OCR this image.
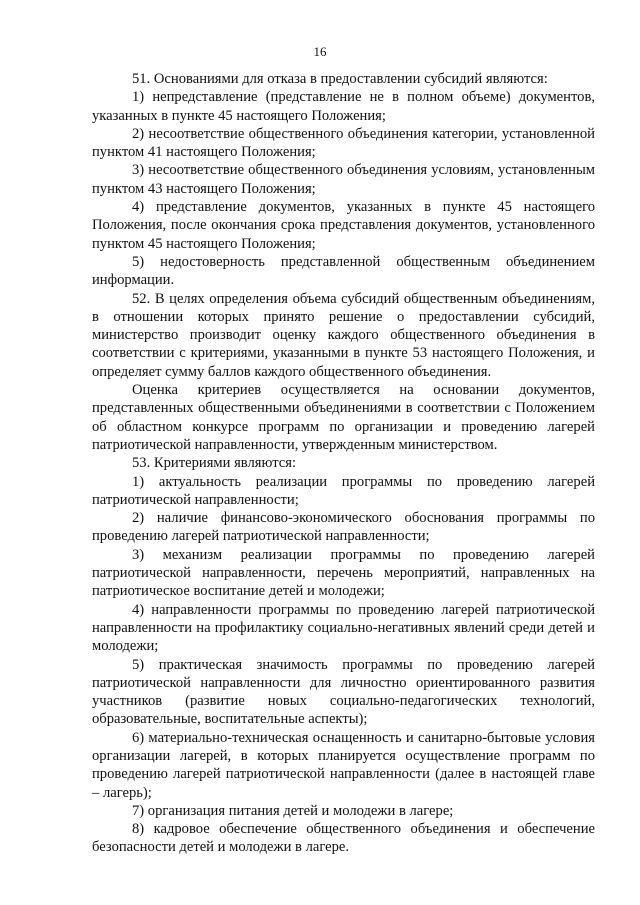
16

51. Основаниями для отказа в предоставлении субсидий являются:

1) непредставление (представление не в полном объеме) документов, указанных в пункте 45 настоящего Положения;

2) несоответствие общественного объединения категории, установленной пунктом 41 настоящего Положения;

3) несоответствие общественного объединения условиям, установленным пунктом 43 настоящего Положения;

4) представление документов, указанных в пункте 45 настоящего Положения, после окончания срока представления документов, установленного пунктом 45 настоящего Положения;

5) недостоверность представленной общественным объединением информации.

52. В целях определения объема субсидий общественным объединениям, в отношении которых принято решение о предоставлении субсидий, министерство производит оценку каждого общественного объединения в соответствии с критериями, указанными в пункте 53 настоящего Положения, и определяет сумму баллов каждого общественного объединения.

Оценка критериев осуществляется на основании документов, представленных общественными объединениями в соответствии с Положением об областном конкурсе программ по организации и проведению лагерей патриотической направленности, утвержденным министерством.

53. Критериями являются:

1) актуальность реализации программы по проведению лагерей патриотической направленности;

2) наличие финансово-экономического обоснования программы по проведению лагерей патриотической направленности;

3) механизм реализации программы по проведению лагерей патриотической направленности, перечень мероприятий, направленных на патриотическое воспитание детей и молодежи;

4) направленности программы по проведению лагерей патриотической направленности на профилактику социально-негативных явлений среди детей и молодежи;

5) практическая значимость программы по проведению лагерей патриотической направленности для личностно ориентированного развития участников (развитие новых социально-педагогических технологий, образовательные, воспитательные аспекты);

6) материально-техническая оснащенность и санитарно-бытовые условия организации лагерей, в которых планируется осуществление программ по проведению лагерей патриотической направленности (далее в настоящей главе – лагерь);

7) организация питания детей и молодежи в лагере;

8) кадровое обеспечение общественного объединения и обеспечение безопасности детей и молодежи в лагере.
